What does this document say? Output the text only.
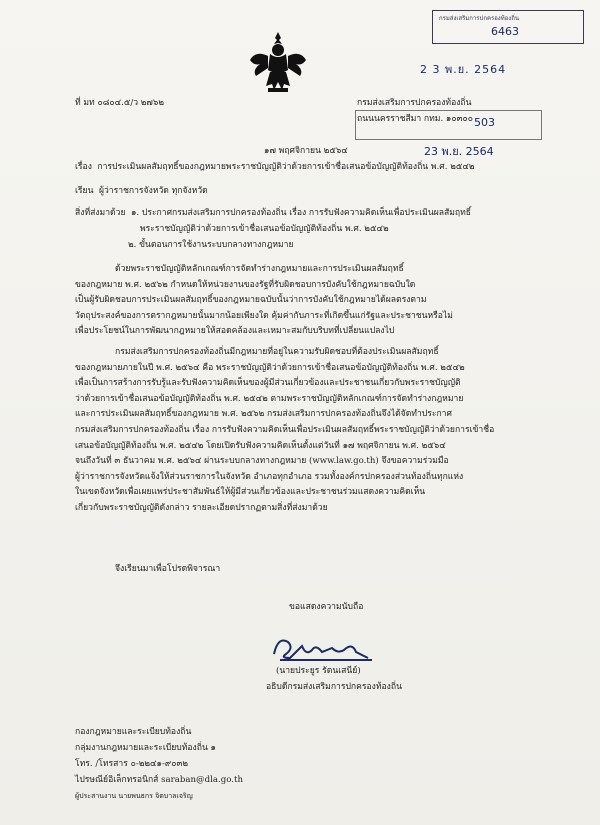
กรมส่งเสริมการปกครองท้องถิ่น
6463
2 3 พ.ย. 2564
ที่ มท ๐๘๐๔.๕/ว ๒๗๖๒	กรมส่งเสริมการปกครองท้องถิ่น
ถนนนครราชสีมา กทม. ๑๐๓๐๐ 503
๑๗ พฤศจิกายน ๒๕๖๔	23 พ.ย. 2564
เรื่อง การประเมินผลสัมฤทธิ์ของกฎหมายพระราชบัญญัติว่าด้วยการเข้าชื่อเสนอข้อบัญญัติท้องถิ่น พ.ศ. ๒๕๔๒
เรียน ผู้ว่าราชการจังหวัด ทุกจังหวัด
สิ่งที่ส่งมาด้วย ๑. ประกาศกรมส่งเสริมการปกครองท้องถิ่น เรื่อง การรับฟังความคิดเห็นเพื่อประเมินผลสัมฤทธิ์
พระราชบัญญัติว่าด้วยการเข้าชื่อเสนอข้อบัญญัติท้องถิ่น พ.ศ. ๒๕๔๒
๒. ขั้นตอนการใช้งานระบบกลางทางกฎหมาย
ด้วยพระราชบัญญัติหลักเกณฑ์การจัดทำร่างกฎหมายและการประเมินผลสัมฤทธิ์
ของกฎหมาย พ.ศ. ๒๕๖๒ กำหนดให้หน่วยงานของรัฐที่รับผิดชอบการบังคับใช้กฎหมายฉบับใด
เป็นผู้รับผิดชอบการประเมินผลสัมฤทธิ์ของกฎหมายฉบับนั้นว่าการบังคับใช้กฎหมายได้ผลตรงตาม
วัตถุประสงค์ของการตรากฎหมายนั้นมากน้อยเพียงใด คุ้มค่ากับภาระที่เกิดขึ้นแก่รัฐและประชาชนหรือไม่
เพื่อประโยชน์ในการพัฒนากฎหมายให้สอดคล้องและเหมาะสมกับบริบทที่เปลี่ยนแปลงไป
กรมส่งเสริมการปกครองท้องถิ่นมีกฎหมายที่อยู่ในความรับผิดชอบที่ต้องประเมินผลสัมฤทธิ์
ของกฎหมายภายในปี พ.ศ. ๒๕๖๔ คือ พระราชบัญญัติว่าด้วยการเข้าชื่อเสนอข้อบัญญัติท้องถิ่น พ.ศ. ๒๕๔๒
เพื่อเป็นการสร้างการรับรู้และรับฟังความคิดเห็นของผู้มีส่วนเกี่ยวข้องและประชาชนเกี่ยวกับพระราชบัญญัติ
ว่าด้วยการเข้าชื่อเสนอข้อบัญญัติท้องถิ่น พ.ศ. ๒๕๔๒ ตามพระราชบัญญัติหลักเกณฑ์การจัดทำร่างกฎหมาย
และการประเมินผลสัมฤทธิ์ของกฎหมาย พ.ศ. ๒๕๖๒ กรมส่งเสริมการปกครองท้องถิ่นจึงได้จัดทำประกาศ
กรมส่งเสริมการปกครองท้องถิ่น เรื่อง การรับฟังความคิดเห็นเพื่อประเมินผลสัมฤทธิ์พระราชบัญญัติว่าด้วยการเข้าชื่อ
เสนอข้อบัญญัติท้องถิ่น พ.ศ. ๒๕๔๒ โดยเปิดรับฟังความคิดเห็นตั้งแต่วันที่ ๑๗ พฤศจิกายน พ.ศ. ๒๕๖๔
จนถึงวันที่ ๓ ธันวาคม พ.ศ. ๒๕๖๔ ผ่านระบบกลางทางกฎหมาย (www.law.go.th) จึงขอความร่วมมือ
ผู้ว่าราชการจังหวัดแจ้งให้ส่วนราชการในจังหวัด อำเภอทุกอำเภอ รวมทั้งองค์กรปกครองส่วนท้องถิ่นทุกแห่ง
ในเขตจังหวัดเพื่อเผยแพร่ประชาสัมพันธ์ให้ผู้มีส่วนเกี่ยวข้องและประชาชนร่วมแสดงความคิดเห็น
เกี่ยวกับพระราชบัญญัติดังกล่าว รายละเอียดปรากฏตามสิ่งที่ส่งมาด้วย
จึงเรียนมาเพื่อโปรดพิจารณา
ขอแสดงความนับถือ
(นายประยูร รัตนเสนีย์)
อธิบดีกรมส่งเสริมการปกครองท้องถิ่น
กองกฎหมายและระเบียบท้องถิ่น
กลุ่มงานกฎหมายและระเบียบท้องถิ่น ๑
โทร. /โทรสาร ๐-๒๒๔๑-๙๐๓๒
ไปรษณีย์อิเล็กทรอนิกส์ saraban@dla.go.th
ผู้ประสานงาน นายพนธกร จิตบาลเจริญ
